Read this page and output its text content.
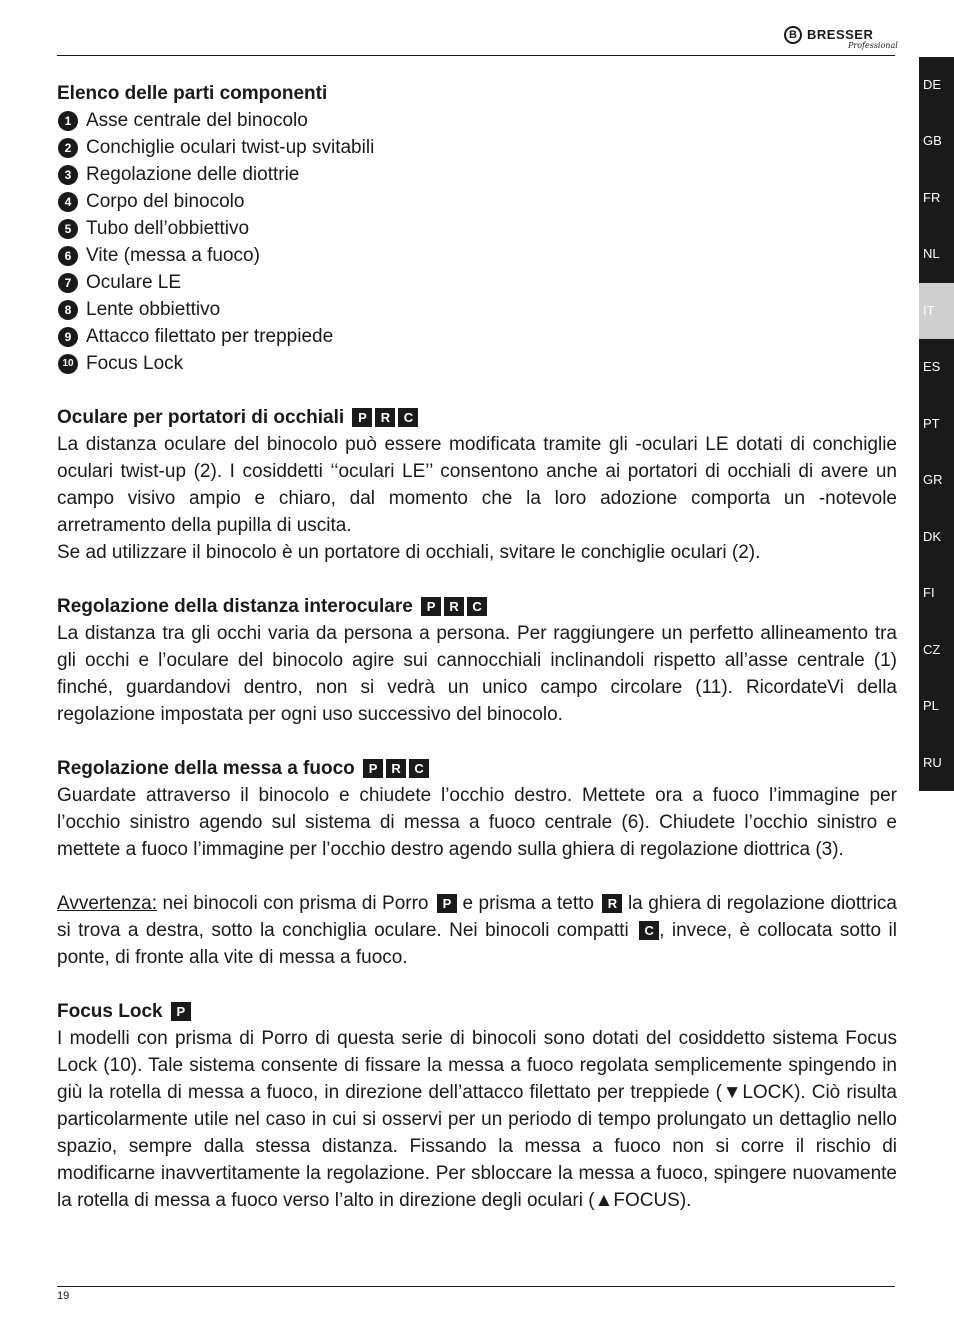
B BRESSER
Professional
DE
GB
FR
NL
IT
ES
PT
GR
DK
FI
CZ
PL
RU

Elenco delle parti componenti

1 Asse centrale del binocolo
2 Conchiglie oculari twist-up svitabili
3 Regolazione delle diottrie
4 Corpo del binocolo
5 Tubo dell’obbiettivo
6 Vite (messa a fuoco)
7 Oculare LE
8 Lente obbiettivo
9 Attacco filettato per treppiede
10 Focus Lock

Oculare per portatori di occhiali P R C

La distanza oculare del binocolo può essere modificata tramite gli -oculari LE dotati di conchiglie oculari twist-up (2). I cosiddetti ‘‘oculari LE’’ consentono anche ai portatori di occhiali di avere un campo visivo ampio e chiaro, dal momento che la loro adozione comporta un -notevole arretramento della pupilla di uscita.

Se ad utilizzare il binocolo è un portatore di occhiali, svitare le conchiglie oculari (2).

Regolazione della distanza interoculare P R C

La distanza tra gli occhi varia da persona a persona. Per raggiungere un perfetto allineamento tra gli occhi e l’oculare del binocolo agire sui cannocchiali inclinandoli rispetto all’asse centrale (1) finché, guardandovi dentro, non si vedrà un unico campo circolare (11). RicordateVi della regolazione impostata per ogni uso successivo del binocolo.

Regolazione della messa a fuoco P R C

Guardate attraverso il binocolo e chiudete l’occhio destro. Mettete ora a fuoco l’immagine per l’occhio sinistro agendo sul sistema di messa a fuoco centrale (6). Chiudete l’occhio sinistro e mettete a fuoco l’immagine per l’occhio destro agendo sulla ghiera di regolazione diottrica (3).

Avvertenza: nei binocoli con prisma di Porro P e prisma a tetto R la ghiera di regolazione diottrica si trova a destra, sotto la conchiglia oculare. Nei binocoli compatti C , invece, è collocata sotto il ponte, di fronte alla vite di messa a fuoco.

Focus Lock P

I modelli con prisma di Porro di questa serie di binocoli sono dotati del cosiddetto sistema Focus Lock (10). Tale sistema consente di fissare la messa a fuoco regolata semplicemente spingendo in giù la rotella di messa a fuoco, in direzione dell’attacco filettato per treppiede (▼LOCK). Ciò risulta particolarmente utile nel caso in cui si osservi per un periodo di tempo prolungato un dettaglio nello spazio, sempre dalla stessa distanza. Fissando la messa a fuoco non si corre il rischio di modificarne inavvertitamente la regolazione. Per sbloccare la messa a fuoco, spingere nuovamente la rotella di messa a fuoco verso l’alto in direzione degli oculari (▲FOCUS).

19
